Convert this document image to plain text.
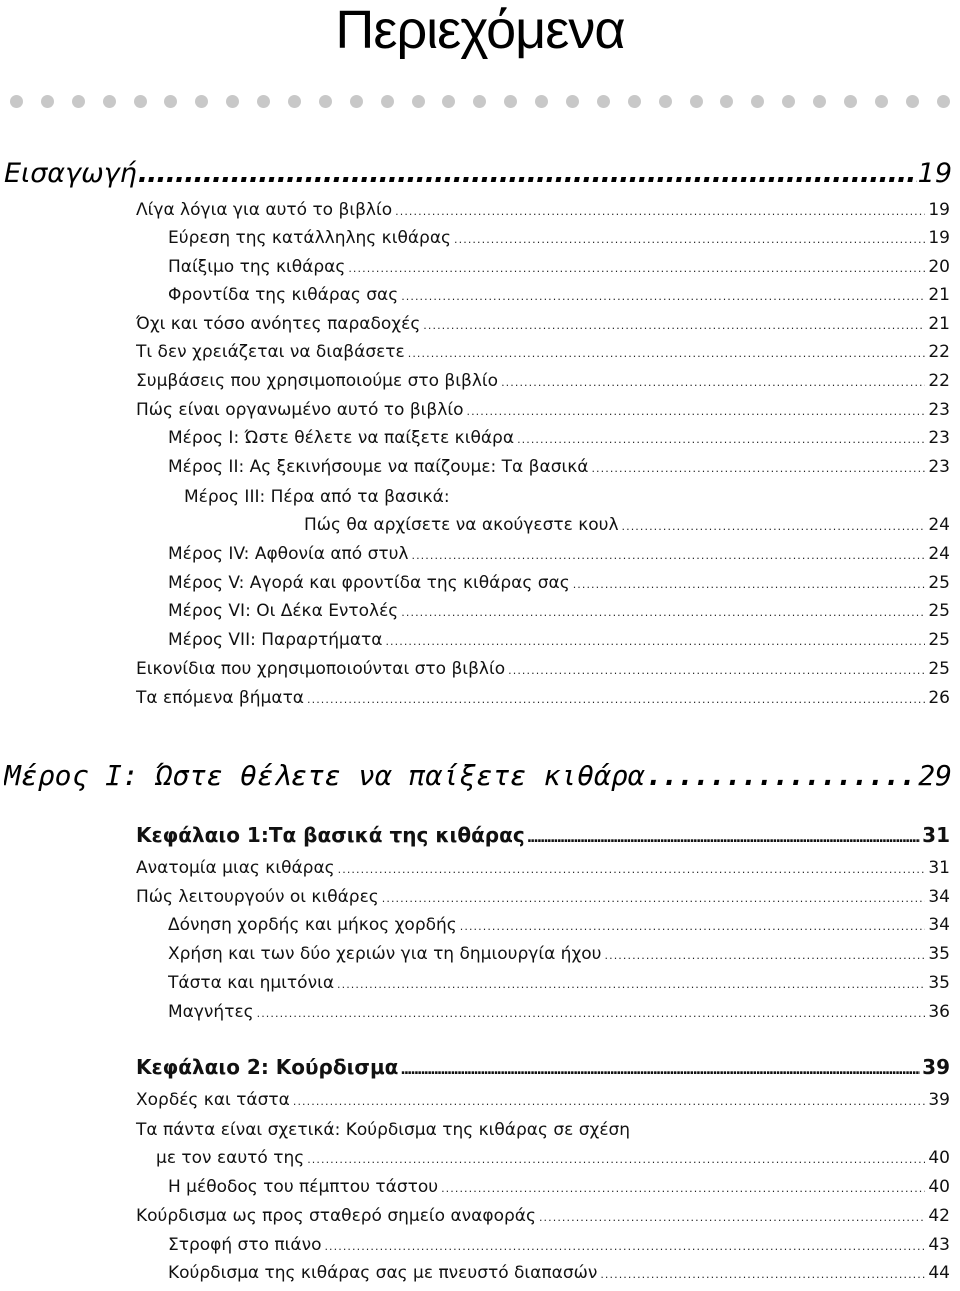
Περιεχόμενα
Εισαγωγή .....	19
Λίγα λόγια για αυτό το βιβλίο . . .	19
Εύρεση της κατάλληλης κιθάρας . . .	19
Παίξιμο της κιθάρας . . .	20
Φροντίδα της κιθάρας σας . . .	21
Όχι και τόσο ανόητες παραδοχές . . .	21
Τι δεν χρειάζεται να διαβάσετε . . .	22
Συμβάσεις που χρησιμοποιούμε στο βιβλίο . . .	22
Πώς είναι οργανωμένο αυτό το βιβλίο . . .	23
Μέρος Ι: Ώστε θέλετε να παίξετε κιθάρα . . .	23
Μέρος ΙΙ: Ας ξεκινήσουμε να παίζουμε: Τα βασικά . . .	23
Μέρος ΙΙΙ: Πέρα από τα βασικά:
Πώς θα αρχίσετε να ακούγεστε κουλ . . .	24
Μέρος IV: Αφθονία από στυλ . . .	24
Μέρος V: Αγορά και φροντίδα της κιθάρας σας . . .	25
Μέρος VI: Οι Δέκα Εντολές . . .	25
Μέρος VII: Παραρτήματα . . .	25
Εικονίδια που χρησιμοποιούνται στο βιβλίο . . .	25
Τα επόμενα βήματα . . .	26
Μέρος Ι: Ώστε θέλετε να παίξετε κιθάρα .....	29
Κεφάλαιο 1:Τα βασικά της κιθάρας .....	31
Ανατομία μιας κιθάρας . . .	31
Πώς λειτουργούν οι κιθάρες . . .	34
Δόνηση χορδής και μήκος χορδής . . .	34
Χρήση και των δύο χεριών για τη δημιουργία ήχου . . .	35
Τάστα και ημιτόνια . . .	35
Μαγνήτες . . .	36
Κεφάλαιο 2: Κούρδισμα .....	39
Χορδές και τάστα . . .	39
Τα πάντα είναι σχετικά: Κούρδισμα της κιθάρας σε σχέση
με τον εαυτό της . . .	40
Η μέθοδος του πέμπτου τάστου . . .	40
Κούρδισμα ως προς σταθερό σημείο αναφοράς . . .	42
Στροφή στο πιάνο . . .	43
Κούρδισμα της κιθάρας σας με πνευστό διαπασών . . .	44
